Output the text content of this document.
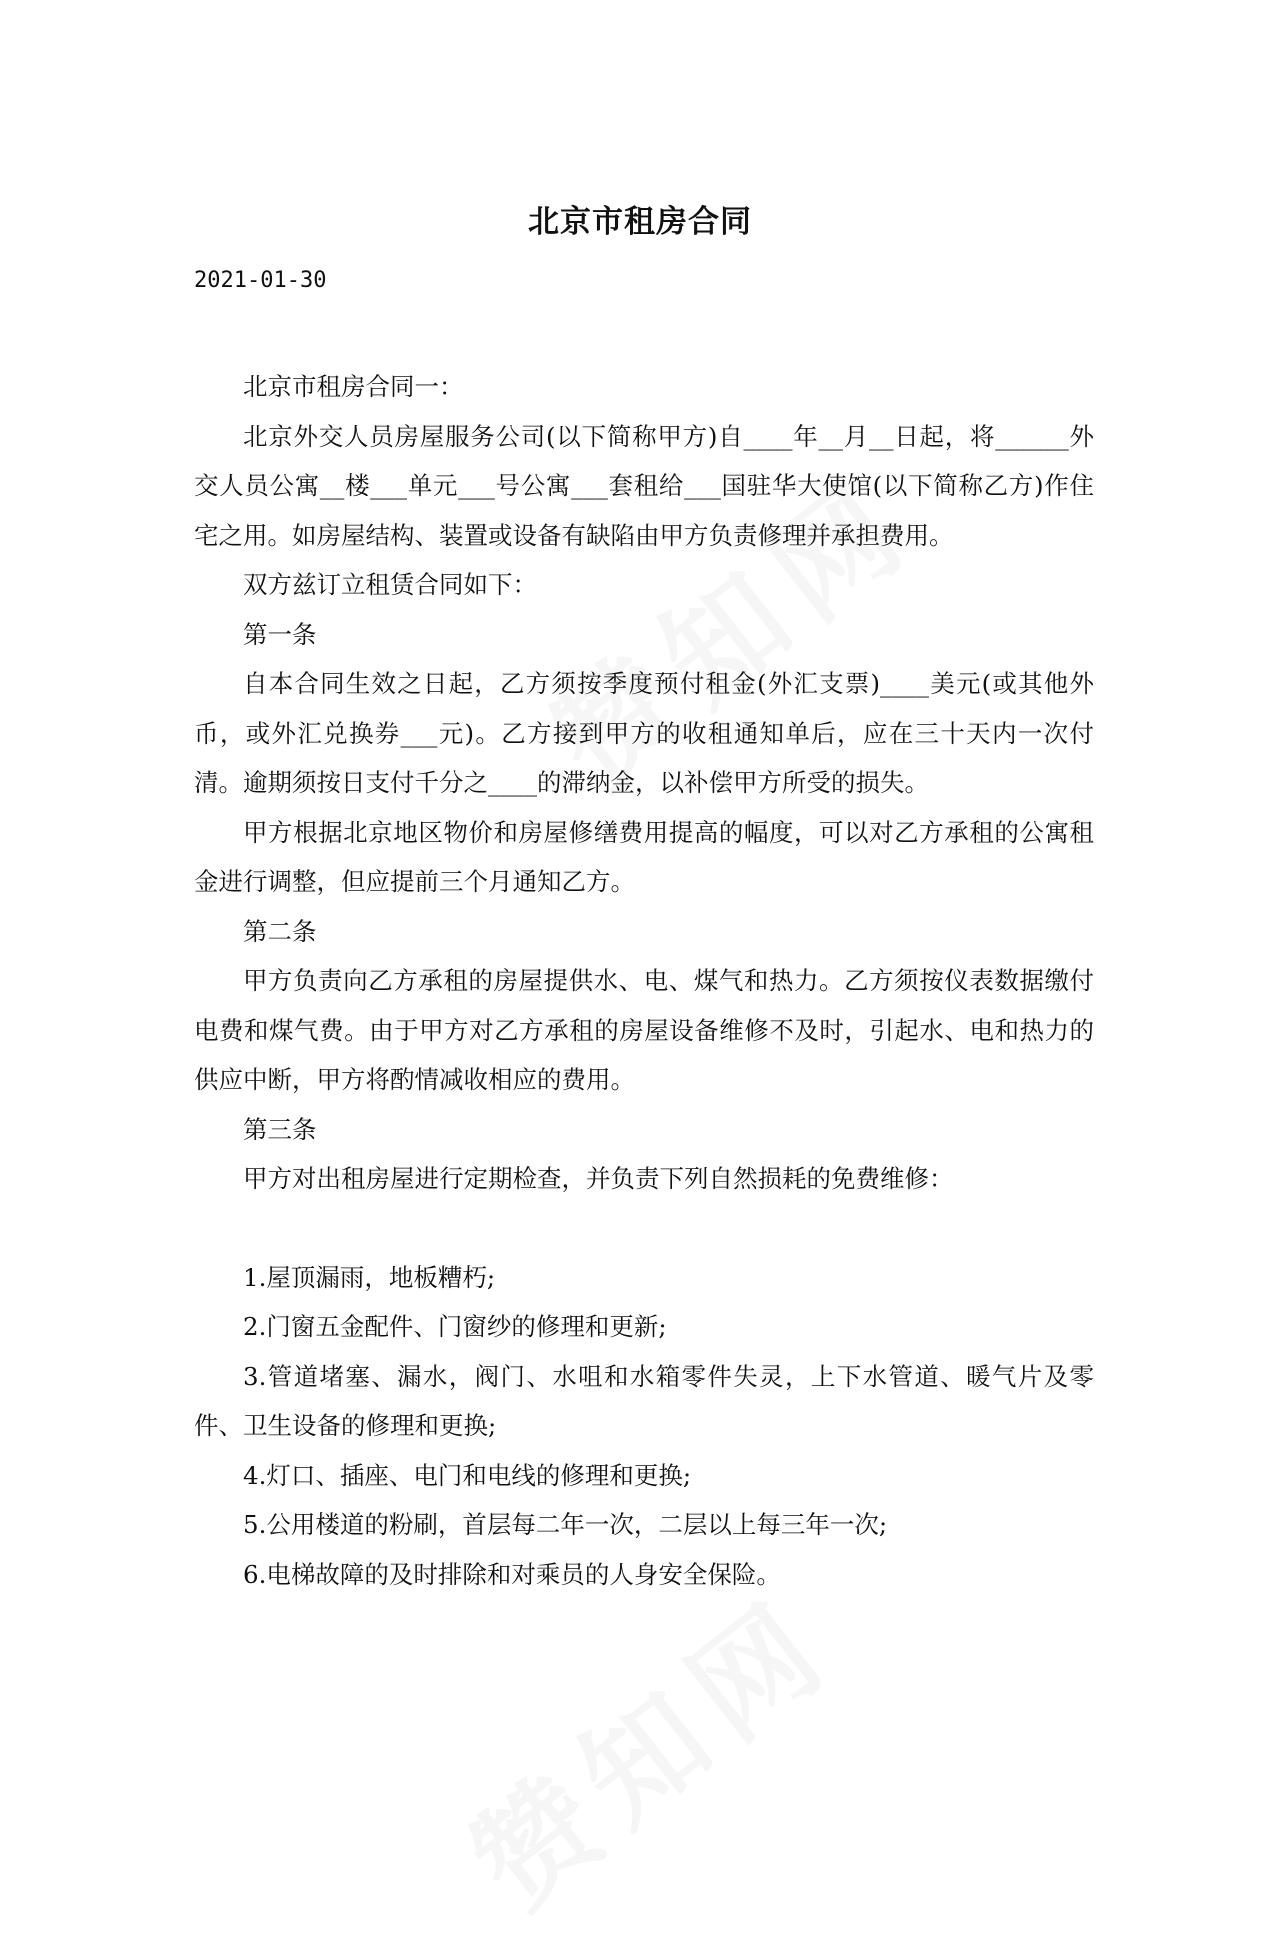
北京市租房合同
2021-01-30

北京市租房合同一：

北京外交人员房屋服务公司(以下简称甲方)自____年__月__日起，将______外交人员公寓__楼___单元___号公寓___套租给___国驻华大使馆(以下简称乙方)作住宅之用。如房屋结构、装置或设备有缺陷由甲方负责修理并承担费用。

双方兹订立租赁合同如下：

第一条

自本合同生效之日起，乙方须按季度预付租金(外汇支票)____美元(或其他外币，或外汇兑换券___元)。乙方接到甲方的收租通知单后，应在三十天内一次付清。逾期须按日支付千分之____的滞纳金，以补偿甲方所受的损失。

甲方根据北京地区物价和房屋修缮费用提高的幅度，可以对乙方承租的公寓租金进行调整，但应提前三个月通知乙方。

第二条

甲方负责向乙方承租的房屋提供水、电、煤气和热力。乙方须按仪表数据缴付电费和煤气费。由于甲方对乙方承租的房屋设备维修不及时，引起水、电和热力的供应中断，甲方将酌情减收相应的费用。

第三条

甲方对出租房屋进行定期检查，并负责下列自然损耗的免费维修：

1.屋顶漏雨，地板糟朽;

2.门窗五金配件、门窗纱的修理和更新;

3.管道堵塞、漏水，阀门、水咀和水箱零件失灵，上下水管道、暖气片及零件、卫生设备的修理和更换;

4.灯口、插座、电门和电线的修理和更换;

5.公用楼道的粉刷，首层每二年一次，二层以上每三年一次;

6.电梯故障的及时排除和对乘员的人身安全保险。
